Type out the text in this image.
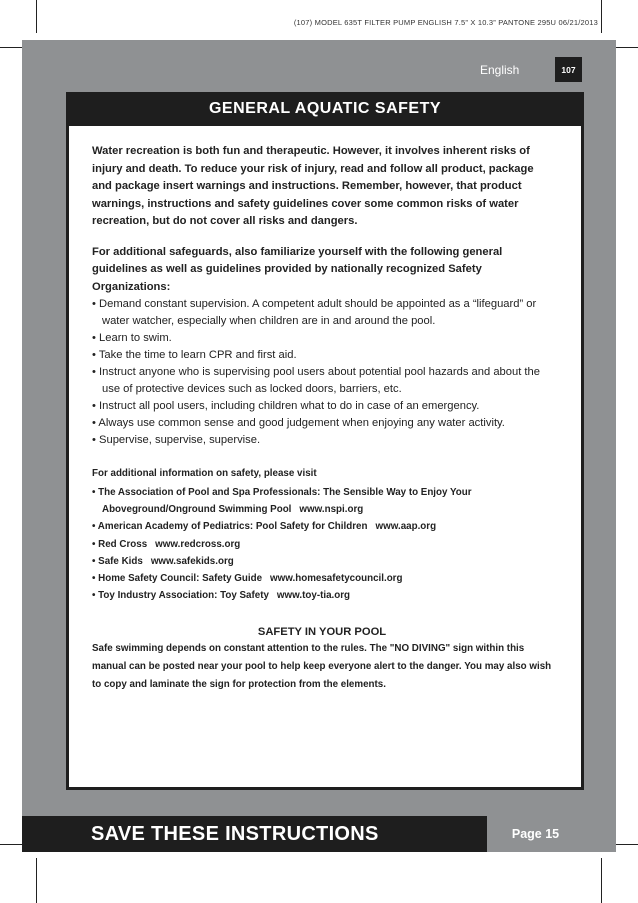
(107) MODEL 635T FILTER PUMP ENGLISH 7.5” X 10.3” PANTONE 295U 06/21/2013
English	107
GENERAL AQUATIC SAFETY

Water recreation is both fun and therapeutic. However, it involves inherent risks of injury and death. To reduce your risk of injury, read and follow all product, package and package insert warnings and instructions. Remember, however, that product warnings, instructions and safety guidelines cover some common risks of water recreation, but do not cover all risks and dangers.

For additional safeguards, also familiarize yourself with the following general guidelines as well as guidelines provided by nationally recognized Safety Organizations:

• Demand constant supervision. A competent adult should be appointed as a “lifeguard” or water watcher, especially when children are in and around the pool.
• Learn to swim.
• Take the time to learn CPR and first aid.
• Instruct anyone who is supervising pool users about potential pool hazards and about the use of protective devices such as locked doors, barriers, etc.
• Instruct all pool users, including children what to do in case of an emergency.
• Always use common sense and good judgement when enjoying any water activity.
• Supervise, supervise, supervise.
For additional information on safety, please visit
• The Association of Pool and Spa Professionals: The Sensible Way to Enjoy Your Aboveground/Onground Swimming Pool www.nspi.org
• American Academy of Pediatrics: Pool Safety for Children www.aap.org
• Red Cross www.redcross.org
• Safe Kids www.safekids.org
• Home Safety Council: Safety Guide www.homesafetycouncil.org
• Toy Industry Association: Toy Safety www.toy-tia.org
SAFETY IN YOUR POOL

Safe swimming depends on constant attention to the rules. The "NO DIVING" sign within this manual can be posted near your pool to help keep everyone alert to the danger. You may also wish to copy and laminate the sign for protection from the elements.

SAVE THESE INSTRUCTIONS	Page 15
